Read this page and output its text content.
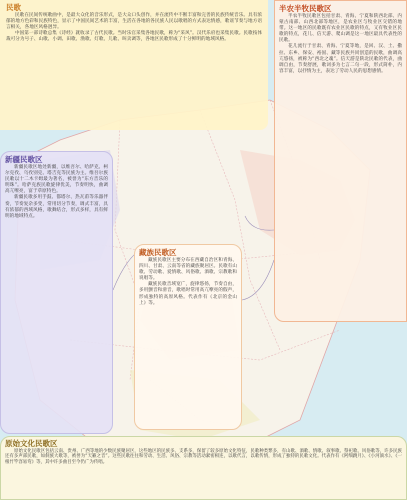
民歌

民歌在民间传统歌曲中，是最大众化的音乐形式，是大众口头创作，并在流传中不断丰富和完善的民族传统音乐。具有浓郁的地方色彩和民族特色，显示了中国民间艺术的丰富，生活在各地的各民族人民以歌唱的方式表达情感，歌谣节奏与地方语言相关，各地区风格迥异。

中国第一部诗歌总集《诗经》就收录了古代民歌。当时乐官采集各地民歌，称为“采风”。汉代乐府也采集民歌。民歌按体裁可分为号子、山歌、小调、田歌、渔歌、灯歌、儿歌、叫卖调等，各地区民歌形成了十分鲜明的地域风格。

半农半牧民歌区

半农半牧民歌区包括甘肃、青海、宁夏和陕西北部、内蒙古南部、山西北部等地区，是农业区与牧业区交错的地带。这一地区的民歌既有农业区民歌的特点，又有牧业区民歌的特点，花儿、信天游、爬山调是这一地区最具代表性的民歌。

花儿流行于甘肃、青海、宁夏等地，是回、汉、土、撒拉、东乡、保安、裕固、藏等民族共同创造的民歌，曲调高亢悠扬，被称为“西北之魂”。信天游是陕北民歌的代表，曲调自由，节奏舒展，歌词多为七言二句一段，形式简朴，内容丰富，以抒情为主，表达了劳动人民的思想感情。

新疆民歌区

新疆民歌区地处新疆，以维吾尔、哈萨克、柯尔克孜、乌孜别克、塔吉克等民族为主。维吾尔族民歌以十二木卡姆最为著名，被誉为“东方音乐的明珠”。哈萨克族民歌旋律优美，节奏明快，曲调高亢嘹亮，富于草原特色。

新疆民歌多用手鼓、都塔尔、热瓦甫等乐器伴奏，节奏复杂多变，常用切分节奏，调式丰富，具有浓郁的西域风格，歌舞结合，形式多样，具有鲜明的地域特点。

藏族民歌区

藏族民歌区主要分布在西藏自治区和青海、四川、甘肃、云南等省的藏族聚居区。民歌有山歌、劳动歌、爱情歌、风俗歌、酒歌、宗教歌和说唱等。

藏族民歌音域宽广，旋律悠扬，节奏自由，多用颤音和滑音，歌唱时常用高亢嘹亮的假声，形成独特的高原风格。代表作有《北京的金山上》等。

原始文化民歌区

原始文化民歌区包括云南、贵州、广西等地的少数民族聚居区，这些地区的民族多、支系多，保留了较多原始文化特征，民歌种类繁多，有山歌、酒歌、情歌、叙事歌、祭祀歌、风俗歌等，许多民族还有多声部民歌，如侗族大歌等，被誉为“天籁之音”。这些民歌往往和劳动、生活、风俗、宗教等活动紧密相连，以歌代言，以歌传情，形成了独特的民歌文化。代表作有《阿细跳月》、《小河淌水》、《一根竹竿容易弯》等，其中许多曲目至今仍广为传唱。
